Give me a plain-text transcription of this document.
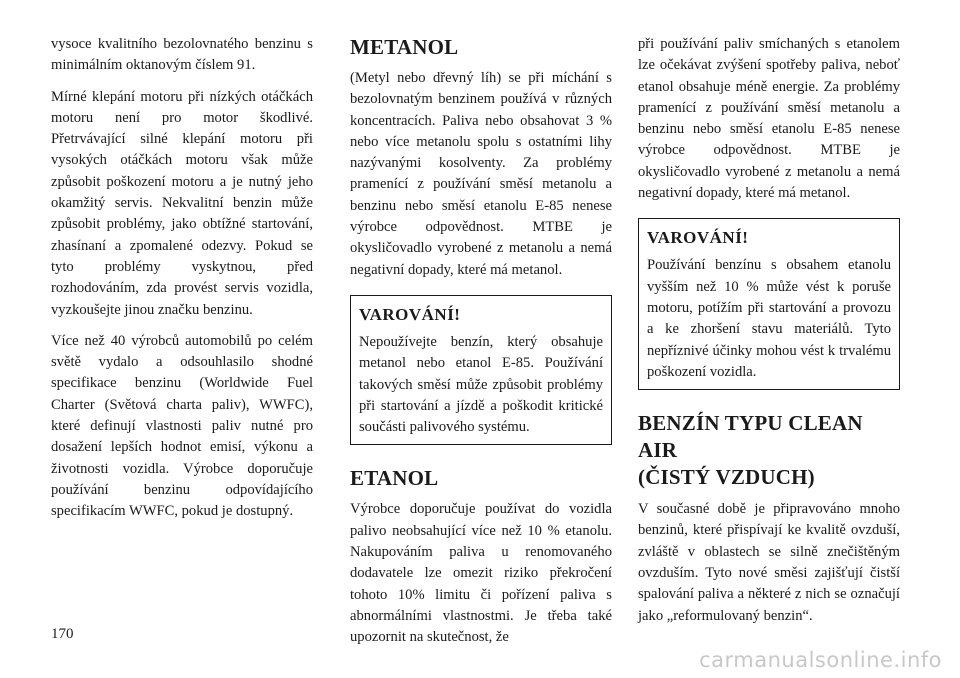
vysoce kvalitního bezolovnatého benzinu s minimálním oktanovým číslem 91.

Mírné klepání motoru při nízkých otáčkách motoru není pro motor škodlivé. Přetrvávající silné klepání motoru při vysokých otáčkách motoru však může způsobit poškození motoru a je nutný jeho okamžitý servis. Nekvalitní benzin může způsobit problémy, jako obtížné startování, zhasínaní a zpomalené odezvy. Pokud se tyto problémy vyskytnou, před rozhodováním, zda provést servis vozidla, vyzkoušejte jinou značku benzinu.

Více než 40 výrobců automobilů po celém světě vydalo a odsouhlasilo shodné specifikace benzinu (Worldwide Fuel Charter (Světová charta paliv), WWFC), které definují vlastnosti paliv nutné pro dosažení lepších hodnot emisí, výkonu a životnosti vozidla. Výrobce doporučuje používání benzinu odpovídajícího specifikacím WWFC, pokud je dostupný.

METANOL

(Metyl nebo dřevný líh) se při míchání s bezolovnatým benzinem používá v různých koncentracích. Paliva nebo obsahovat 3 % nebo více metanolu spolu s ostatními lihy nazývanými kosolventy. Za problémy pramenící z používání směsí metanolu a benzinu nebo směsí etanolu E-85 nenese výrobce odpovědnost. MTBE je okysličovadlo vyrobené z metanolu a nemá negativní dopady, které má metanol.

VAROVÁNÍ!

Nepoužívejte benzín, který obsahuje metanol nebo etanol E-85. Používání takových směsí může způsobit problémy při startování a jízdě a poškodit kritické součásti palivového systému.

ETANOL

Výrobce doporučuje používat do vozidla palivo neobsahující více než 10 % etanolu. Nakupováním paliva u renomovaného dodavatele lze omezit riziko překročení tohoto 10% limitu či pořízení paliva s abnormálními vlastnostmi. Je třeba také upozornit na skutečnost, že

při používání paliv smíchaných s etanolem lze očekávat zvýšení spotřeby paliva, neboť etanol obsahuje méně energie. Za problémy pramenící z používání směsí metanolu a benzinu nebo směsí etanolu E-85 nenese výrobce odpovědnost. MTBE je okysličovadlo vyrobené z metanolu a nemá negativní dopady, které má metanol.

VAROVÁNÍ!

Používání benzínu s obsahem etanolu vyšším než 10 % může vést k poruše motoru, potížím při startování a provozu a ke zhoršení stavu materiálů. Tyto nepříznivé účinky mohou vést k trvalému poškození vozidla.

BENZÍN TYPU CLEAN AIR
(ČISTÝ VZDUCH)

V současné době je připravováno mnoho benzinů, které přispívají ke kvalitě ovzduší, zvláště v oblastech se silně znečištěným ovzduším. Tyto nové směsi zajišťují čistší spalování paliva a některé z nich se označují jako „reformulovaný benzin“.

170

carmanualsonline.info
